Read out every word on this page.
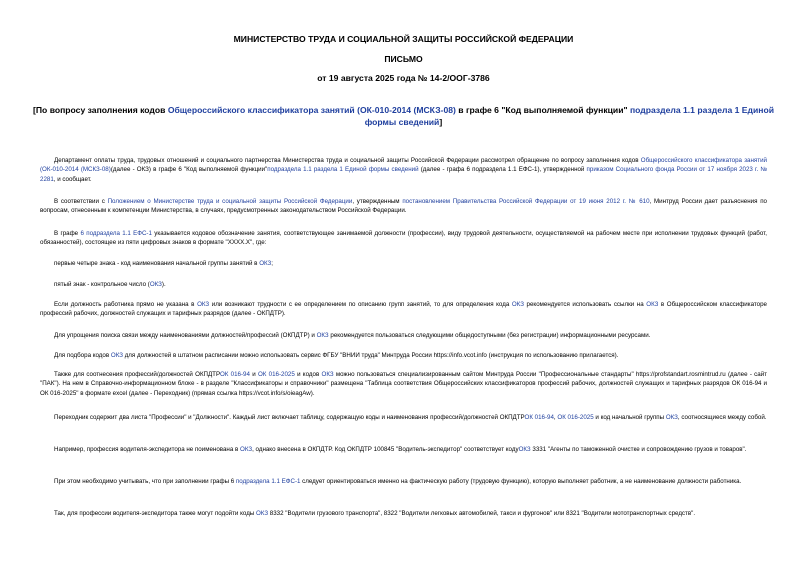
МИНИСТЕРСТВО ТРУДА И СОЦИАЛЬНОЙ ЗАЩИТЫ РОССИЙСКОЙ ФЕДЕРАЦИИ
ПИСЬМО
от 19 августа 2025 года № 14-2/ООГ-3786
[По вопросу заполнения кодов Общероссийского классификатора занятий (ОК-010-2014 (МСКЗ-08) в графе 6 "Код выполняемой функции" подраздела 1.1 раздела 1 Единой формы сведений]
Департамент оплаты труда, трудовых отношений и социального партнерства Министерства труда и социальной защиты Российской Федерации рассмотрел обращение по вопросу заполнения кодов Общероссийского классификатора занятий (ОК-010-2014 (МСКЗ-08)(далее - ОКЗ) в графе 6 "Код выполняемой функции"подраздела 1.1 раздела 1 Единой формы сведений (далее - графа 6 подраздела 1.1 ЕФС-1), утвержденной приказом Социального фонда России от 17 ноября 2023 г. № 2281, и сообщает.
В соответствии с Положением о Министерстве труда и социальной защиты Российской Федерации, утвержденным постановлением Правительства Российской Федерации от 19 июня 2012 г. № 610, Минтруд России дает разъяснения по вопросам, отнесенным к компетенции Министерства, в случаях, предусмотренных законодательством Российской Федерации.
В графе 6 подраздела 1.1 ЕФС-1 указывается кодовое обозначение занятия, соответствующее занимаемой должности (профессии), виду трудовой деятельности, осуществляемой на рабочем месте при исполнении трудовых функций (работ, обязанностей), состоящее из пяти цифровых знаков в формате "XXXX.X", где:
первые четыре знака - код наименования начальной группы занятий в ОКЗ;
пятый знак - контрольное число (ОКЗ).
Если должность работника прямо не указана в ОКЗ или возникают трудности с ее определением по описанию групп занятий, то для определения кода ОКЗ рекомендуется использовать ссылки на ОКЗ в Общероссийском классификаторе профессий рабочих, должностей служащих и тарифных разрядов (далее - ОКПДТР).
Для упрощения поиска связи между наименованиями должностей/профессий (ОКПДТР) и ОКЗ рекомендуется пользоваться следующими общедоступными (без регистрации) информационными ресурсами.
Для подбора кодов ОКЗ для должностей в штатном расписании можно использовать сервис ФГБУ "ВНИИ труда" Минтруда России https://info.vcot.info (инструкция по использованию прилагается).
Также для соотнесения профессий/должностей ОКПДТРОК 016-94 и ОК 016-2025 и кодов ОКЗ можно пользоваться специализированным сайтом Минтруда России "Профессиональные стандарты" https://profstandart.rosmintrud.ru (далее - сайт "ПАК"). На нем в Справочно-информационном блоке - в разделе "Классификаторы и справочники" размещена "Таблица соответствия Общероссийских классификаторов профессий рабочих, должностей служащих и тарифных разрядов ОК 016-94 и ОК 016-2025" в формате excel (далее - Переходник) (прямая ссылка https://vcot.info/s/oieagAw).
Переходник содержит два листа "Профессии" и "Должности". Каждый лист включает таблицу, содержащую коды и наименования профессий/должностей ОКПДТРОК 016-94, ОК 016-2025 и код начальной группы ОКЗ, соотносящиеся между собой.
Например, профессия водителя-экспедитора не поименована в ОКЗ, однако внесена в ОКПДТР. Код ОКПДТР 100845 "Водитель-экспедитор" соответствует кодуОКЗ 3331 "Агенты по таможенной очистке и сопровождению грузов и товаров".
При этом необходимо учитывать, что при заполнении графы 6 подраздела 1.1 ЕФС-1 следует ориентироваться именно на фактическую работу (трудовую функцию), которую выполняет работник, а не наименование должности работника.
Так, для профессии водителя-экспедитора также могут подойти коды ОКЗ 8332 "Водители грузового транспорта", 8322 "Водители легковых автомобилей, такси и фургонов" или 8321 "Водители мототранспортных средств".
